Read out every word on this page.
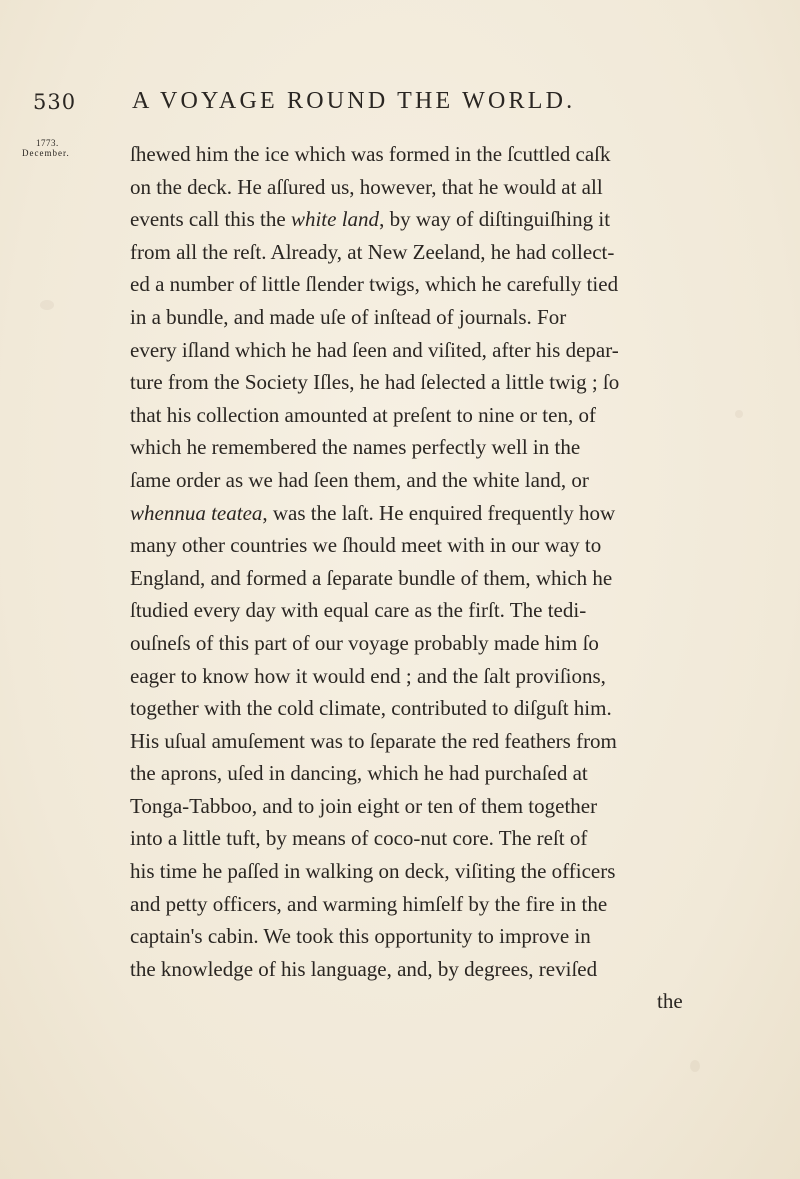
530 A VOYAGE ROUND THE WORLD.
1773.
December.	ſhewed him the ice which was formed in the ſcuttled caſk
on the deck. He aſſured us, however, that he would at all
events call this the white land, by way of diſtinguiſhing it
from all the reſt. Already, at New Zeeland, he had collect-
ed a number of little ſlender twigs, which he carefully tied
in a bundle, and made uſe of inſtead of journals. For
every iſland which he had ſeen and viſited, after his depar-
ture from the Society Iſles, he had ſelected a little twig ; ſo
that his collection amounted at preſent to nine or ten, of
which he remembered the names perfectly well in the
ſame order as we had ſeen them, and the white land, or
whennua teatea, was the laſt. He enquired frequently how
many other countries we ſhould meet with in our way to
England, and formed a ſeparate bundle of them, which he
ſtudied every day with equal care as the firſt. The tedi-
ouſneſs of this part of our voyage probably made him ſo
eager to know how it would end ; and the ſalt proviſions,
together with the cold climate, contributed to diſguſt him.
His uſual amuſement was to ſeparate the red feathers from
the aprons, uſed in dancing, which he had purchaſed at
Tonga-Tabboo, and to join eight or ten of them together
into a little tuft, by means of coco-nut core. The reſt of
his time he paſſed in walking on deck, viſiting the officers
and petty officers, and warming himſelf by the fire in the
captain's cabin. We took this opportunity to improve in
the knowledge of his language, and, by degrees, reviſed
the
